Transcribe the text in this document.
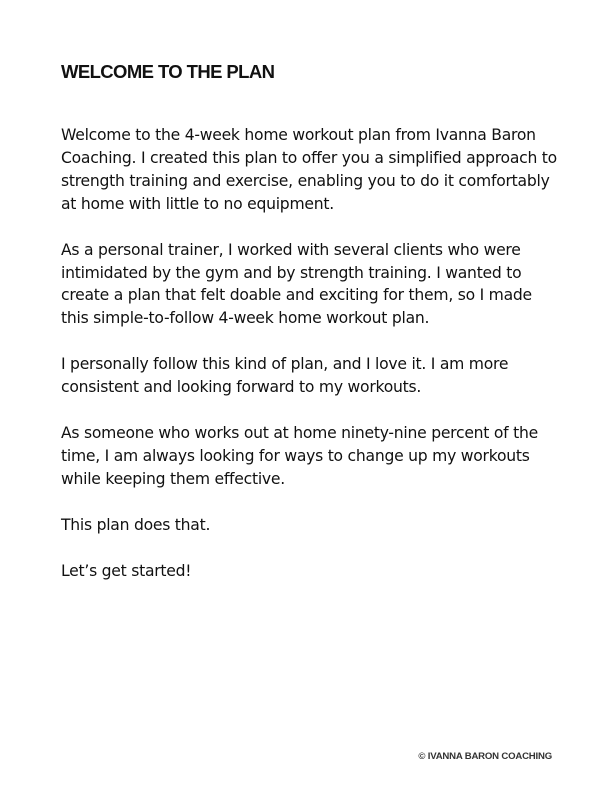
WELCOME TO THE PLAN

Welcome to the 4-week home workout plan from Ivanna Baron Coaching. I created this plan to offer you a simplified approach to strength training and exercise, enabling you to do it comfortably at home with little to no equipment.

As a personal trainer, I worked with several clients who were intimidated by the gym and by strength training. I wanted to create a plan that felt doable and exciting for them, so I made this simple-to-follow 4-week home workout plan.

I personally follow this kind of plan, and I love it. I am more consistent and looking forward to my workouts.

As someone who works out at home ninety-nine percent of the time, I am always looking for ways to change up my workouts while keeping them effective.

This plan does that.

Let’s get started!

© IVANNA BARON COACHING
